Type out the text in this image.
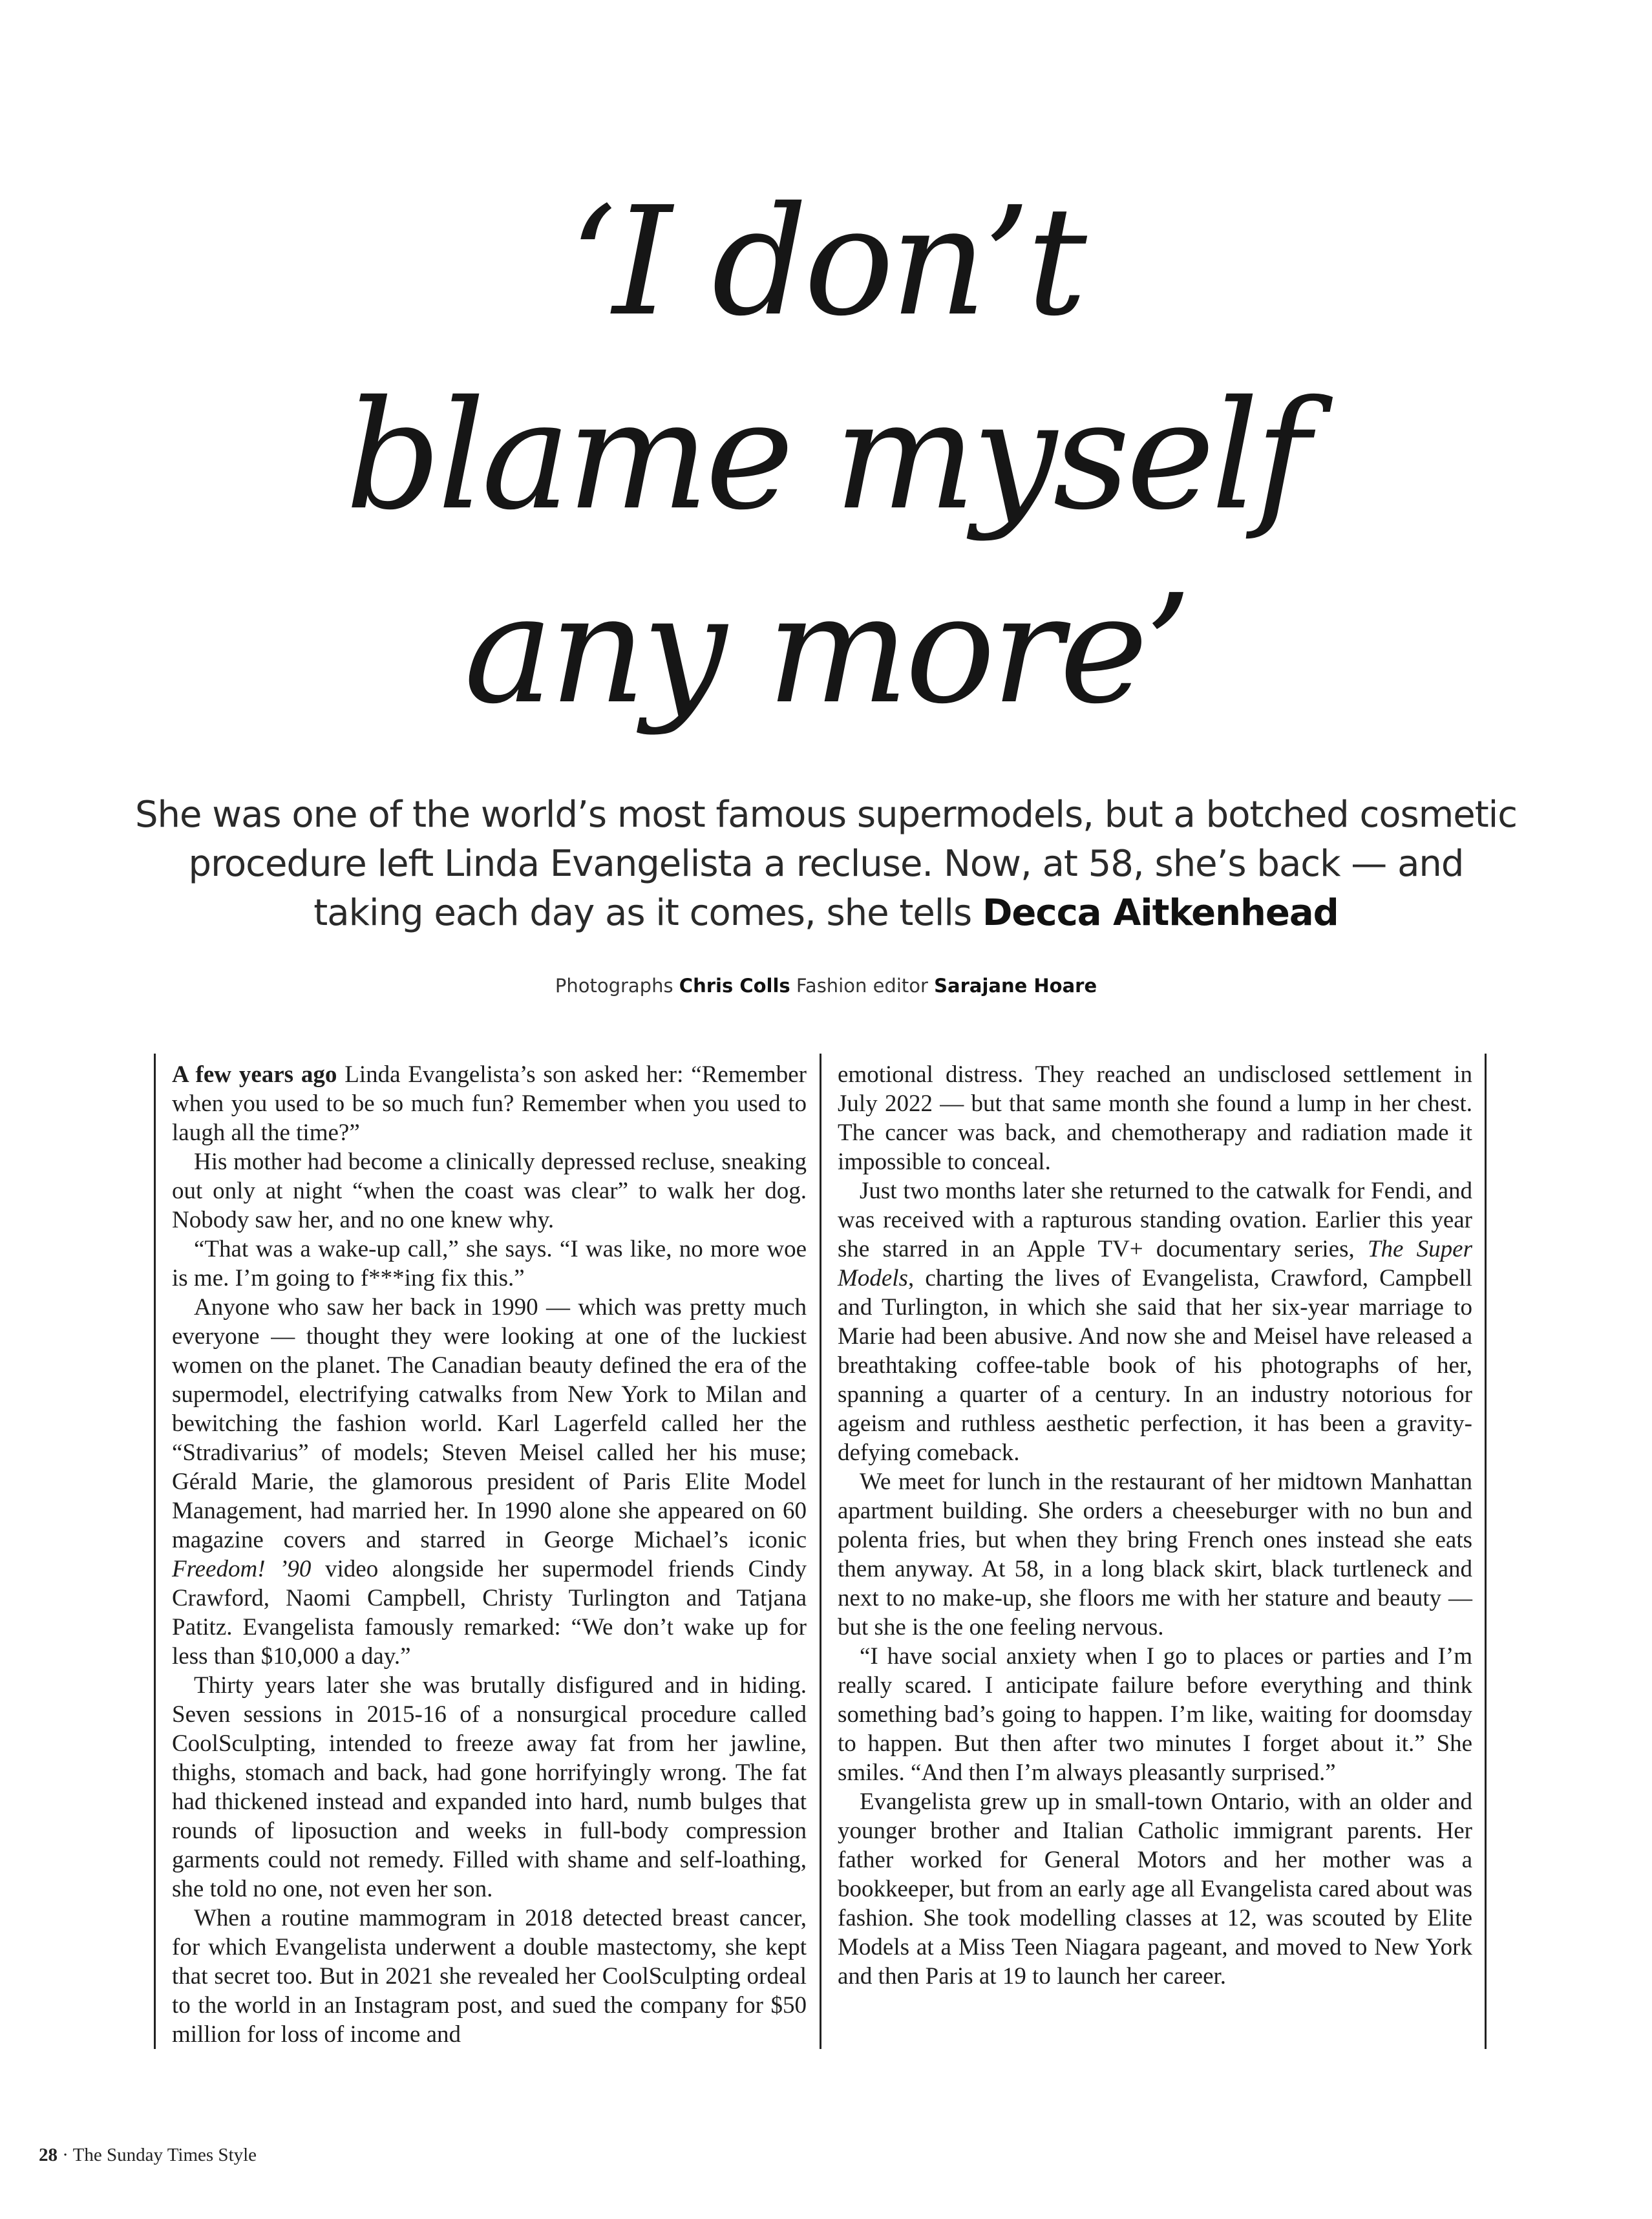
‘I don’t
blame myself
any more’

She was one of the world’s most famous supermodels, but a botched cosmetic procedure left Linda Evangelista a recluse. Now, at 58, she’s back — and taking each day as it comes, she tells Decca Aitkenhead

Photographs Chris Colls Fashion editor Sarajane Hoare

A few years ago Linda Evangelista’s son asked her: “Remember when you used to be so much fun? Remember when you used to laugh all the time?”

His mother had become a clinically depressed recluse, sneaking out only at night “when the coast was clear” to walk her dog. Nobody saw her, and no one knew why.

“That was a wake-up call,” she says. “I was like, no more woe is me. I’m going to f***ing fix this.”

Anyone who saw her back in 1990 — which was pretty much everyone — thought they were looking at one of the luckiest women on the planet. The Canadian beauty defined the era of the supermodel, electrifying catwalks from New York to Milan and bewitching the fashion world. Karl Lagerfeld called her the “Stradivarius” of models; Steven Meisel called her his muse; Gérald Marie, the glamorous president of Paris Elite Model Management, had married her. In 1990 alone she appeared on 60 magazine covers and starred in George Michael’s iconic Freedom! ’90 video alongside her supermodel friends Cindy Crawford, Naomi Campbell, Christy Turlington and Tatjana Patitz. Evangelista famously remarked: “We don’t wake up for less than $10,000 a day.”

Thirty years later she was brutally disfigured and in hiding. Seven sessions in 2015-16 of a nonsurgical procedure called CoolSculpting, intended to freeze away fat from her jawline, thighs, stomach and back, had gone horrifyingly wrong. The fat had thickened instead and expanded into hard, numb bulges that rounds of liposuction and weeks in full-body compression garments could not remedy. Filled with shame and self-loathing, she told no one, not even her son.

When a routine mammogram in 2018 detected breast cancer, for which Evangelista underwent a double mastectomy, she kept that secret too. But in 2021 she revealed her CoolSculpting ordeal to the world in an Instagram post, and sued the company for $50 million for loss of income and

emotional distress. They reached an undisclosed settlement in July 2022 — but that same month she found a lump in her chest. The cancer was back, and chemotherapy and radiation made it impossible to conceal.

Just two months later she returned to the catwalk for Fendi, and was received with a rapturous standing ovation. Earlier this year she starred in an Apple TV+ documentary series, The Super Models, charting the lives of Evangelista, Crawford, Campbell and Turlington, in which she said that her six-year marriage to Marie had been abusive. And now she and Meisel have released a breathtaking coffee-table book of his photographs of her, spanning a quarter of a century. In an industry notorious for ageism and ruthless aesthetic perfection, it has been a gravity-defying comeback.

We meet for lunch in the restaurant of her midtown Manhattan apartment building. She orders a cheeseburger with no bun and polenta fries, but when they bring French ones instead she eats them anyway. At 58, in a long black skirt, black turtleneck and next to no make-up, she floors me with her stature and beauty — but she is the one feeling nervous.

“I have social anxiety when I go to places or parties and I’m really scared. I anticipate failure before everything and think something bad’s going to happen. I’m like, waiting for doomsday to happen. But then after two minutes I forget about it.” She smiles. “And then I’m always pleasantly surprised.”

Evangelista grew up in small-town Ontario, with an older and younger brother and Italian Catholic immigrant parents. Her father worked for General Motors and her mother was a bookkeeper, but from an early age all Evangelista cared about was fashion. She took modelling classes at 12, was scouted by Elite Models at a Miss Teen Niagara pageant, and moved to New York and then Paris at 19 to launch her career.

28 · The Sunday Times Style
